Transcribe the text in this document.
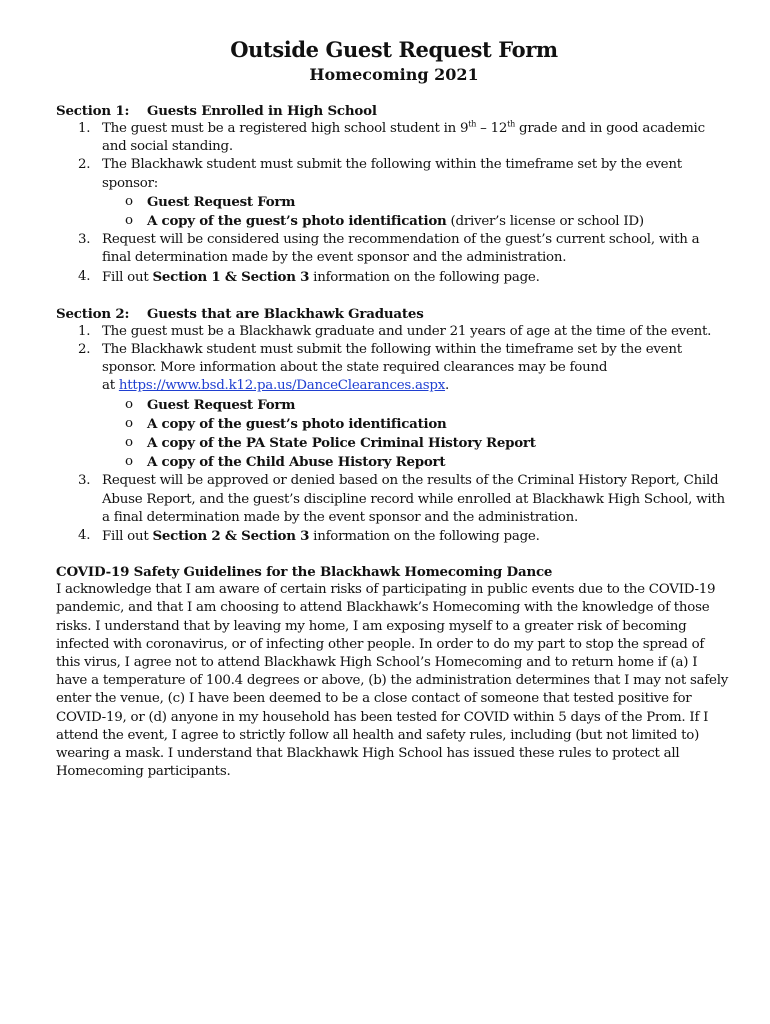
Outside Guest Request Form
Homecoming 2021
Section 1:	Guests Enrolled in High School
1. The guest must be a registered high school student in 9th – 12th grade and in good academic and social standing.
2. The Blackhawk student must submit the following within the timeframe set by the event sponsor:
o Guest Request Form
o A copy of the guest’s photo identification (driver’s license or school ID)
3. Request will be considered using the recommendation of the guest’s current school, with a final determination made by the event sponsor and the administration.
4. Fill out Section 1 & Section 3 information on the following page.
Section 2:	Guests that are Blackhawk Graduates
1. The guest must be a Blackhawk graduate and under 21 years of age at the time of the event.
2. The Blackhawk student must submit the following within the timeframe set by the event sponsor. More information about the state required clearances may be found
at https://www.bsd.k12.pa.us/DanceClearances.aspx.
o Guest Request Form
o A copy of the guest’s photo identification
o A copy of the PA State Police Criminal History Report
o A copy of the Child Abuse History Report
3. Request will be approved or denied based on the results of the Criminal History Report, Child Abuse Report, and the guest’s discipline record while enrolled at Blackhawk High School, with a final determination made by the event sponsor and the administration.
4. Fill out Section 2 & Section 3 information on the following page.
COVID-19 Safety Guidelines for the Blackhawk Homecoming Dance
I acknowledge that I am aware of certain risks of participating in public events due to the COVID-19 pandemic, and that I am choosing to attend Blackhawk’s Homecoming with the knowledge of those risks. I understand that by leaving my home, I am exposing myself to a greater risk of becoming infected with coronavirus, or of infecting other people. In order to do my part to stop the spread of this virus, I agree not to attend Blackhawk High School’s Homecoming and to return home if (a) I have a temperature of 100.4 degrees or above, (b) the administration determines that I may not safely enter the venue, (c) I have been deemed to be a close contact of someone that tested positive for COVID-19, or (d) anyone in my household has been tested for COVID within 5 days of the Prom. If I attend the event, I agree to strictly follow all health and safety rules, including (but not limited to) wearing a mask. I understand that Blackhawk High School has issued these rules to protect all Homecoming participants.
